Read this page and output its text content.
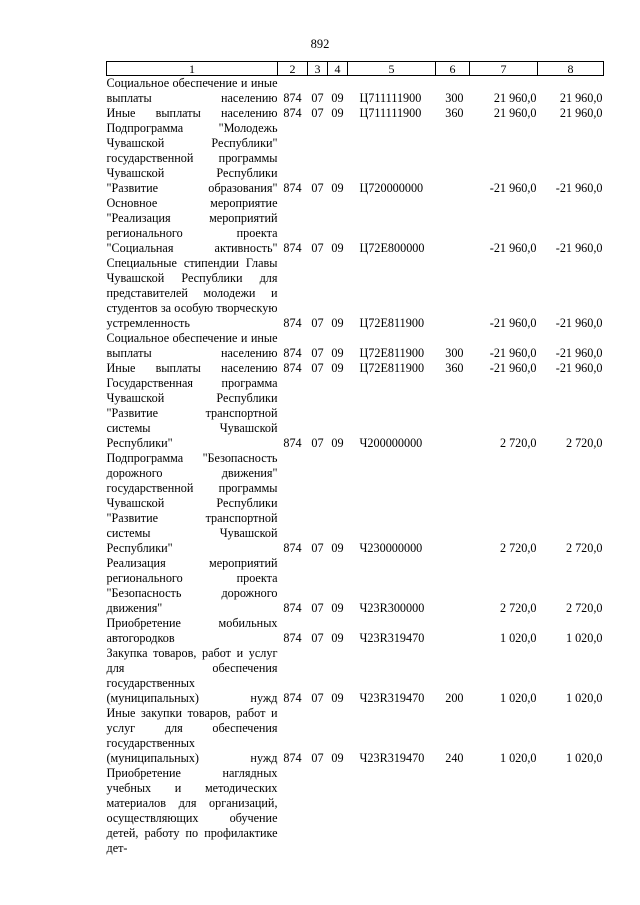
892
1	2	3	4	5	6	7	8
Социальное обеспечение и иные выплаты населению	874	07	09	Ц711111900	300	21 960,0	21 960,0
Иные выплаты населению	874	07	09	Ц711111900	360	21 960,0	21 960,0
Подпрограмма "Молодежь Чувашской Республики" государственной программы Чувашской Республики "Развитие образования"	874	07	09	Ц720000000		-21 960,0	-21 960,0
Основное мероприятие "Реализация мероприятий регионального проекта "Социальная активность"	874	07	09	Ц72Е800000		-21 960,0	-21 960,0
Специальные стипендии Главы Чувашской Республики для представителей молодежи и студентов за особую творческую устремленность	874	07	09	Ц72Е811900		-21 960,0	-21 960,0
Социальное обеспечение и иные выплаты населению	874	07	09	Ц72Е811900	300	-21 960,0	-21 960,0
Иные выплаты населению	874	07	09	Ц72Е811900	360	-21 960,0	-21 960,0
Государственная программа Чувашской Республики "Развитие транспортной системы Чувашской Республики"	874	07	09	Ч200000000		2 720,0	2 720,0
Подпрограмма "Безопасность дорожного движения" государственной программы Чувашской Республики "Развитие транспортной системы Чувашской Республики"	874	07	09	Ч230000000		2 720,0	2 720,0
Реализация мероприятий регионального проекта "Безопасность дорожного движения"	874	07	09	Ч23R300000		2 720,0	2 720,0
Приобретение мобильных автогородков	874	07	09	Ч23R319470		1 020,0	1 020,0
Закупка товаров, работ и услуг для обеспечения государственных (муниципальных) нужд	874	07	09	Ч23R319470	200	1 020,0	1 020,0
Иные закупки товаров, работ и услуг для обеспечения государственных (муниципальных) нужд	874	07	09	Ч23R319470	240	1 020,0	1 020,0
Приобретение наглядных учебных и методических материалов для организаций, осуществляющих обучение детей, работу по профилактике дет-							
